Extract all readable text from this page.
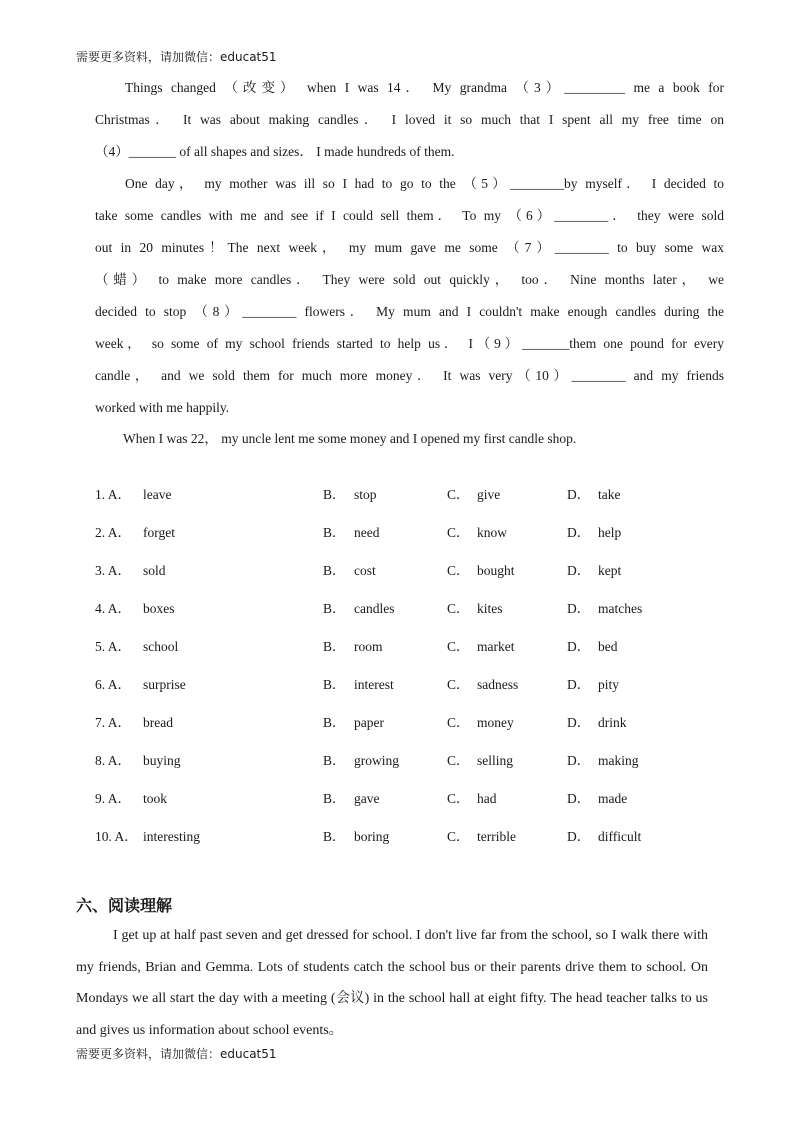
需要更多资料，请加微信：educat51
Things changed （改变） when I was 14． My grandma （3）_________ me a book for
Christmas． It was about making candles． I loved it so much that I spent all my free time on
（4）_______ of all shapes and sizes． I made hundreds of them.
One day， my mother was ill so I had to go to the （5）________by myself． I decided to
take some candles with me and see if I could sell them． To my （6）________． they were sold
out in 20 minutes！The next week， my mum gave me some （7）________ to buy some wax
（蜡） to make more candles． They were sold out quickly， too． Nine months later， we
decided to stop （8）________ flowers． My mum and I couldn't make enough candles during the
week， so some of my school friends started to help us． I（9）_______them one pound for every
candle， and we sold them for much more money． It was very（10）________ and my friends
worked with me happily.
When I was 22， my uncle lent me some money and I opened my first candle shop.
1. A． leave	B． stop	C． give	D． take
2. A． forget	B． need	C． know	D． help
3. A． sold	B． cost	C． bought	D． kept
4. A． boxes	B． candles	C． kites	D． matches
5. A． school	B． room	C． market	D． bed
6. A． surprise	B． interest	C． sadness	D． pity
7. A． bread	B． paper	C． money	D． drink
8. A． buying	B． growing	C． selling	D． making
9. A． took	B． gave	C． had	D． made
10. A． interesting	B． boring	C． terrible	D． difficult
六、阅读理解
I get up at half past seven and get dressed for school. I don't live far from the school, so I walk there with
my friends, Brian and Gemma. Lots of students catch the school bus or their parents drive them to school. On
Mondays we all start the day with a meeting (会议) in the school hall at eight fifty. The head teacher talks to us
and gives us information about school events。
需要更多资料，请加微信：educat51
